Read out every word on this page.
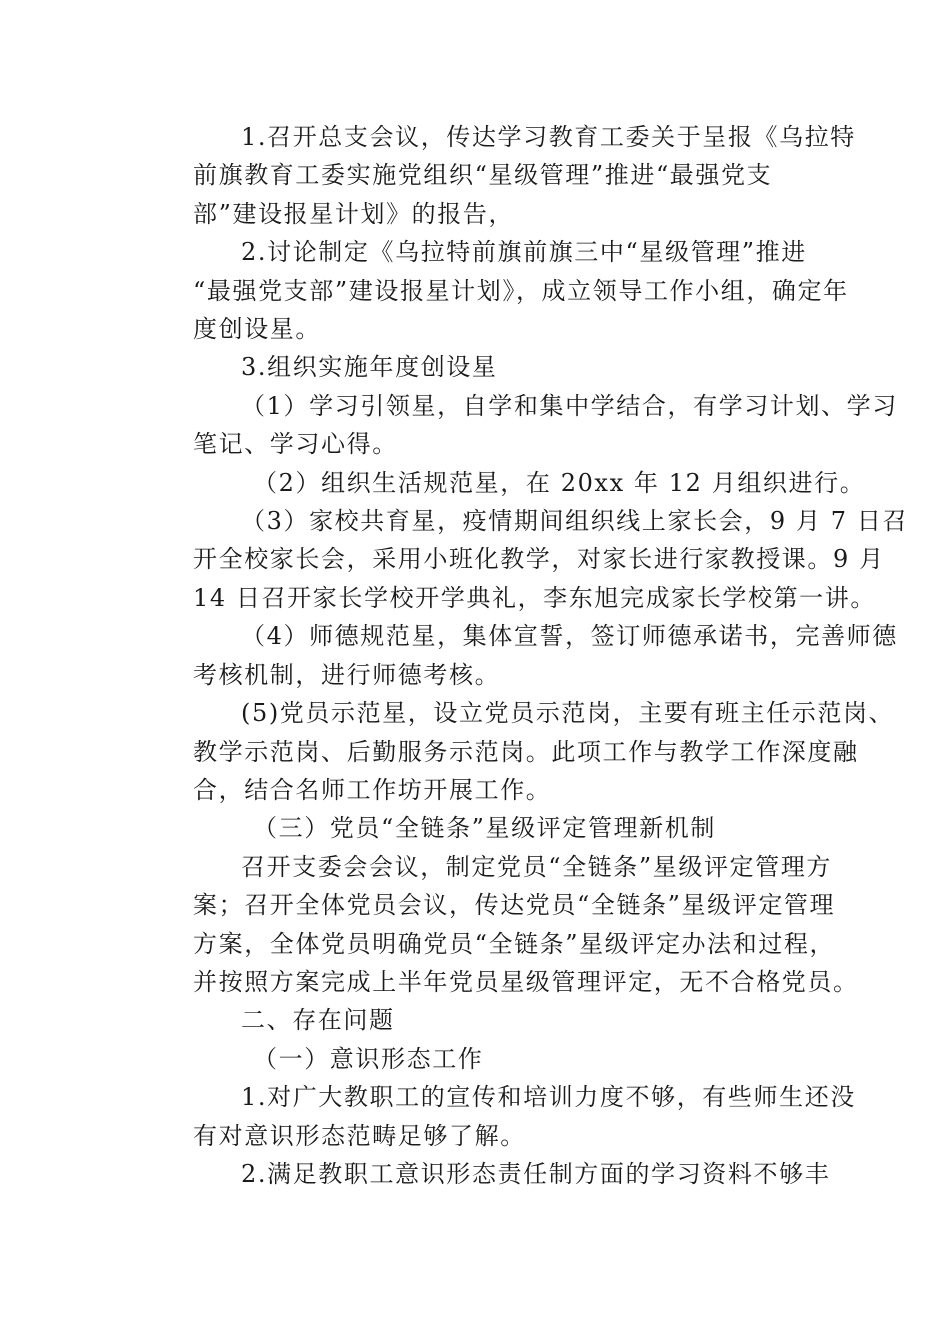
1.召开总支会议，传达学习教育工委关于呈报《乌拉特
前旗教育工委实施党组织“星级管理”推进“最强党支
部”建设报星计划》的报告，

2.讨论制定《乌拉特前旗前旗三中“星级管理”推进
“最强党支部”建设报星计划》，成立领导工作小组，确定年
度创设星。

3.组织实施年度创设星

（1）学习引领星，自学和集中学结合，有学习计划、学习
笔记、学习心得。

（2）组织生活规范星，在 20xx 年 12 月组织进行。

（3）家校共育星，疫情期间组织线上家长会，9 月 7 日召
开全校家长会，采用小班化教学，对家长进行家教授课。9 月
14 日召开家长学校开学典礼，李东旭完成家长学校第一讲。

（4）师德规范星，集体宣誓，签订师德承诺书，完善师德
考核机制，进行师德考核。

(5)党员示范星，设立党员示范岗，主要有班主任示范岗、
教学示范岗、后勤服务示范岗。此项工作与教学工作深度融
合，结合名师工作坊开展工作。

（三）党员“全链条”星级评定管理新机制

召开支委会会议，制定党员“全链条”星级评定管理方
案；召开全体党员会议，传达党员“全链条”星级评定管理
方案，全体党员明确党员“全链条”星级评定办法和过程，
并按照方案完成上半年党员星级管理评定，无不合格党员。

二、存在问题

（一）意识形态工作

1.对广大教职工的宣传和培训力度不够，有些师生还没
有对意识形态范畴足够了解。

2.满足教职工意识形态责任制方面的学习资料不够丰
